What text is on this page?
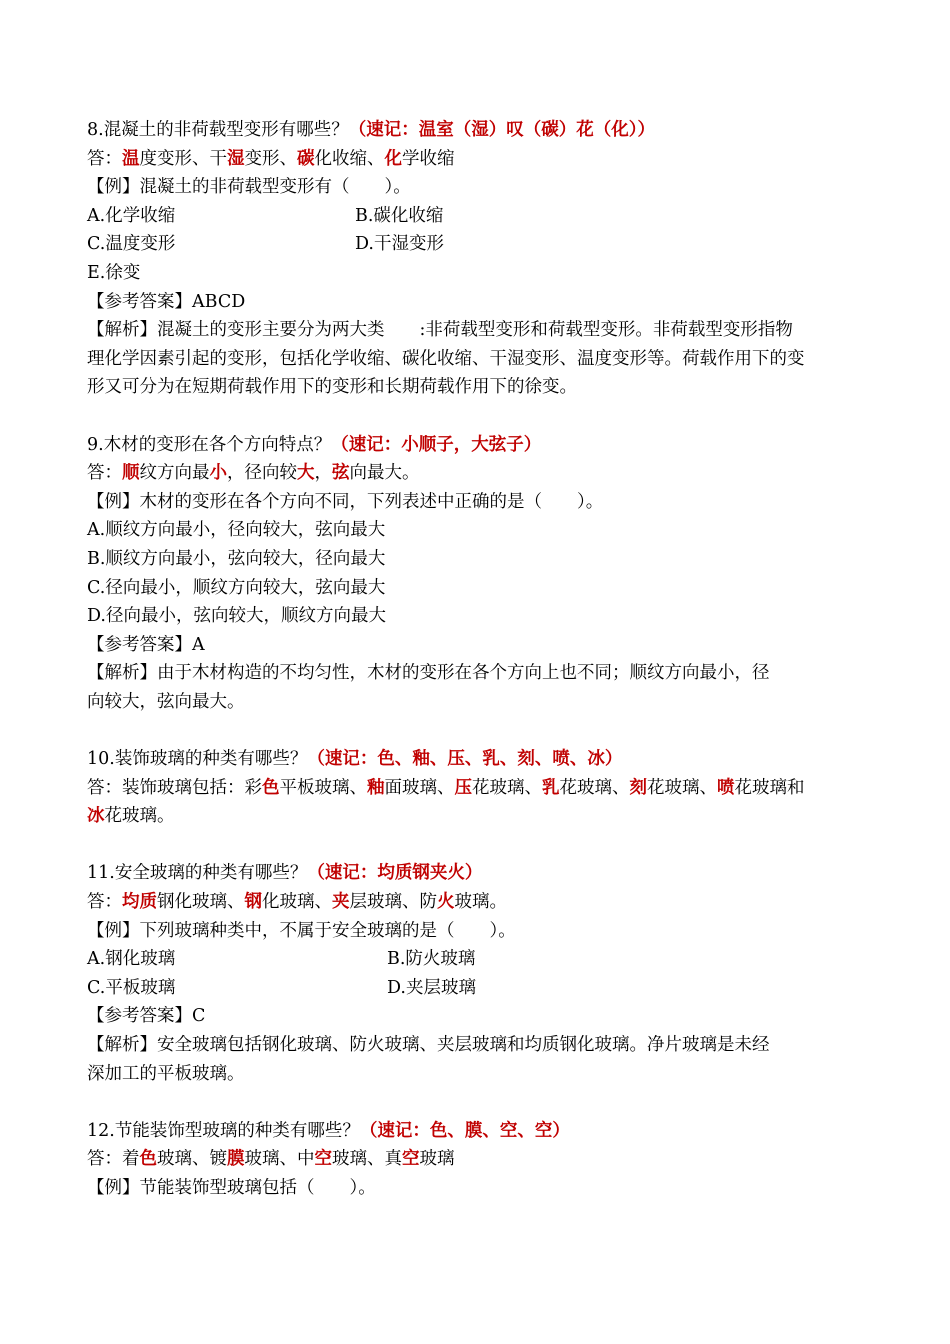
8.混凝土的非荷载型变形有哪些？（速记：温室（湿）叹（碳）花（化））
答：温度变形、干湿变形、碳化收缩、化学收缩
【例】混凝土的非荷载型变形有（　　）。
A.化学收缩	B.碳化收缩
C.温度变形	D.干湿变形
E.徐变
【参考答案】ABCD
【解析】混凝土的变形主要分为两大类　　:非荷载型变形和荷载型变形。非荷载型变形指物
理化学因素引起的变形，包括化学收缩、碳化收缩、干湿变形、温度变形等。荷载作用下的变
形又可分为在短期荷载作用下的变形和长期荷载作用下的徐变。
9.木材的变形在各个方向特点？（速记：小顺子，大弦子）
答：顺纹方向最小，径向较大，弦向最大。
【例】木材的变形在各个方向不同，下列表述中正确的是（　　）。
A.顺纹方向最小，径向较大，弦向最大
B.顺纹方向最小，弦向较大，径向最大
C.径向最小，顺纹方向较大，弦向最大
D.径向最小，弦向较大，顺纹方向最大
【参考答案】A
【解析】由于木材构造的不均匀性，木材的变形在各个方向上也不同；顺纹方向最小，径
向较大，弦向最大。
10.装饰玻璃的种类有哪些？（速记：色、釉、压、乳、刻、喷、冰）
答：装饰玻璃包括：彩色平板玻璃、釉面玻璃、压花玻璃、乳花玻璃、刻花玻璃、喷花玻璃和
冰花玻璃。
11.安全玻璃的种类有哪些？（速记：均质钢夹火）
答：均质钢化玻璃、钢化玻璃、夹层玻璃、防火玻璃。
【例】下列玻璃种类中，不属于安全玻璃的是（　　）。
A.钢化玻璃	B.防火玻璃
C.平板玻璃	D.夹层玻璃
【参考答案】C
【解析】安全玻璃包括钢化玻璃、防火玻璃、夹层玻璃和均质钢化玻璃。净片玻璃是未经
深加工的平板玻璃。
12.节能装饰型玻璃的种类有哪些？（速记：色、膜、空、空）
答：着色玻璃、镀膜玻璃、中空玻璃、真空玻璃
【例】节能装饰型玻璃包括（　　）。
